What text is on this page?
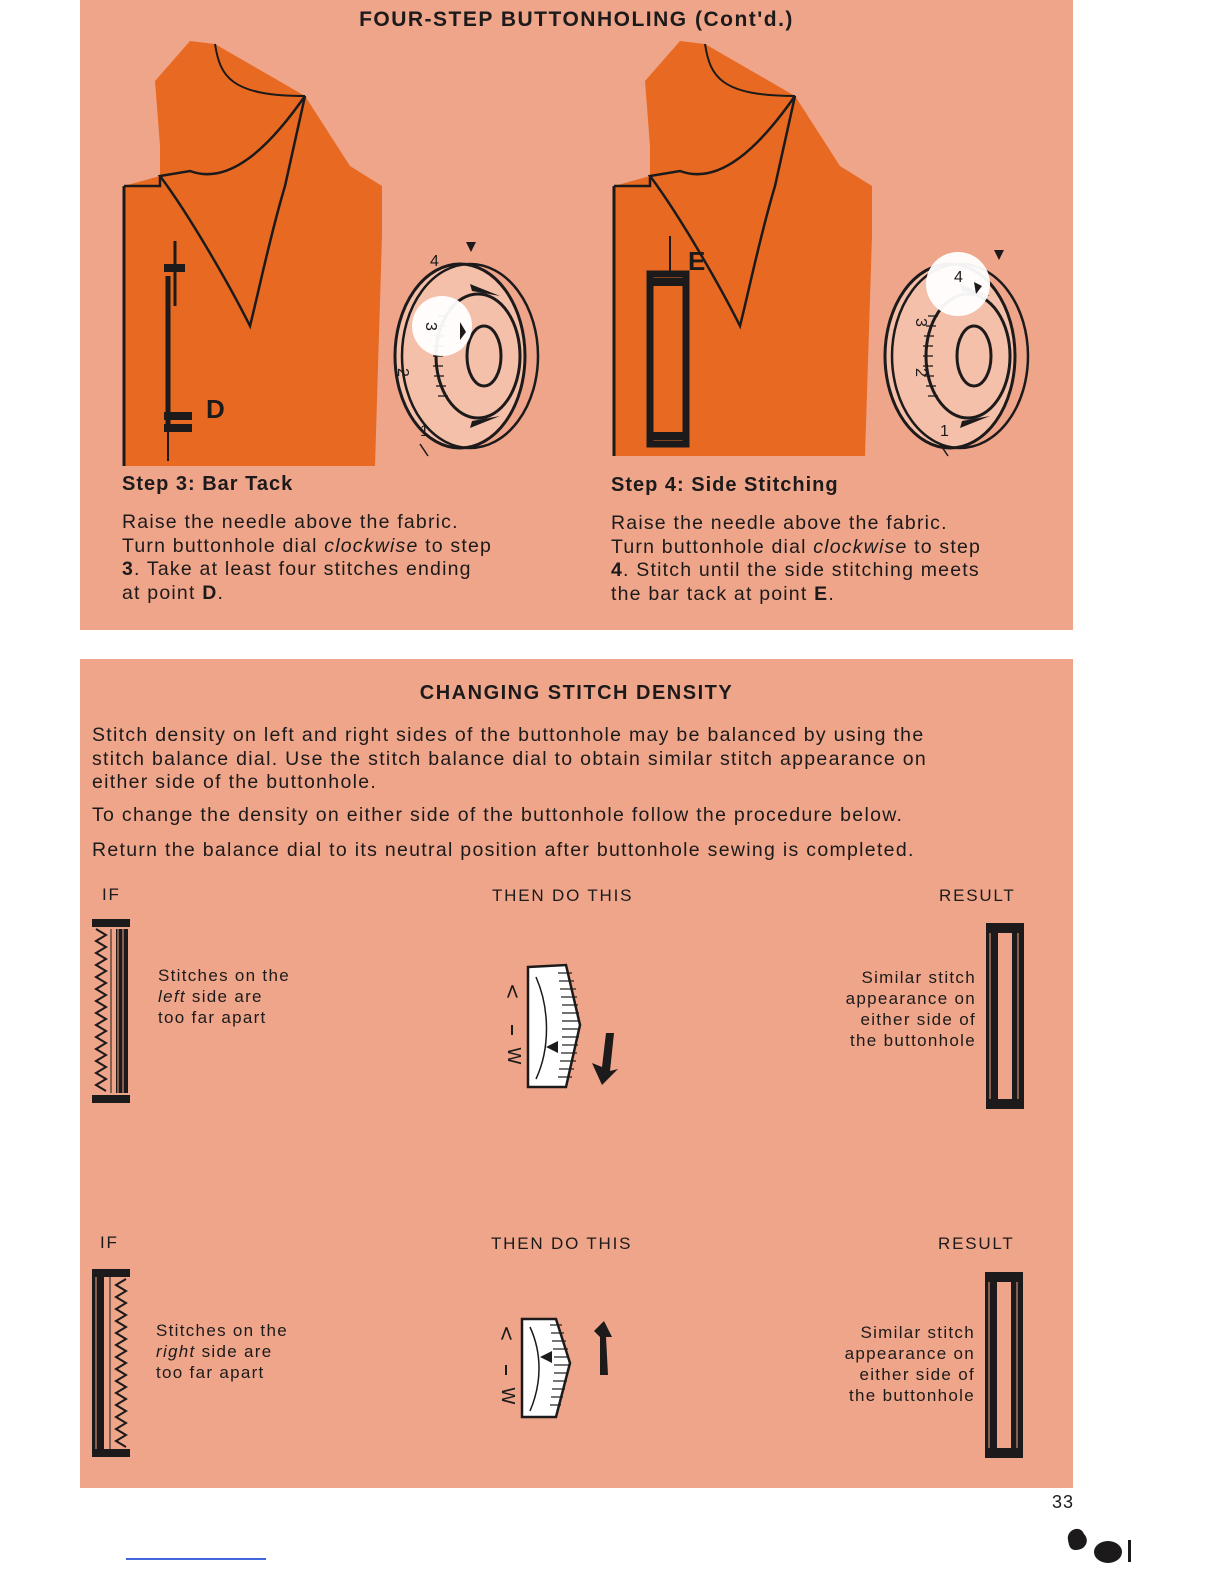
FOUR-STEP BUTTONHOLING (Cont'd.)
D
3
4
2
1
E
4
3
2
1
Step 3: Bar Tack
Raise the needle above the fabric.
Turn buttonhole dial clockwise to step
3. Take at least four stitches ending
at point D.
Step 4: Side Stitching
Raise the needle above the fabric.
Turn buttonhole dial clockwise to step
4. Stitch until the side stitching meets
the bar tack at point E.
CHANGING STITCH DENSITY
Stitch density on left and right sides of the buttonhole may be balanced by using the
stitch balance dial. Use the stitch balance dial to obtain similar stitch appearance on
either side of the buttonhole.
To change the density on either side of the buttonhole follow the procedure below.
Return the balance dial to its neutral position after buttonhole sewing is completed.
IF	THEN DO THIS	RESULT
Stitches on the
left side are
too far apart
<
W
Similar stitch
appearance on
either side of
the buttonhole
IF	THEN DO THIS	RESULT
Stitches on the
right side are
too far apart
<
W
Similar stitch
appearance on
either side of
the buttonhole
33
